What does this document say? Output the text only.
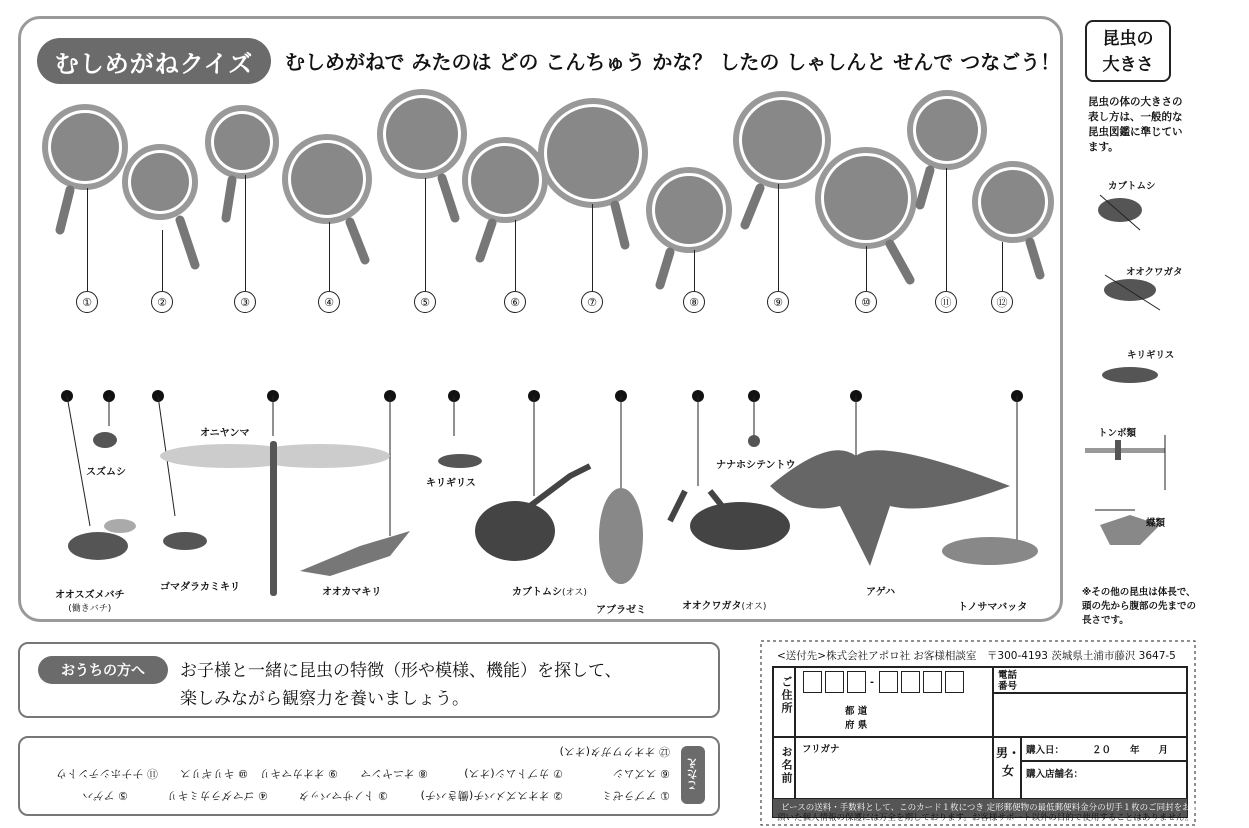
むしめがねクイズ	むしめがねで みたのは どの こんちゅう かな？ したの しゃしんと せんで つなごう！
①	②	③	④	⑤	⑥	⑦	⑧	⑨	⑩	⑪	⑫
スズムシ
オオスズメバチ
(働きバチ)
ゴマダラカミキリ
オニヤンマ
オオカマキリ
キリギリス
カブトムシ(オス)
アブラゼミ
ナナホシテントウ
オオクワガタ(オス)
アゲハ
トノサマバッタ
昆虫の
大きさ
昆虫の体の大きさの表し方は、一般的な昆虫図鑑に準じています。
カブトムシ
オオクワガタ
キリギリス
トンボ類
蝶類
※その他の昆虫は体長で、頭の先から腹部の先までの長さです。
おうちの方へ	お子様と一緒に昆虫の特徴（形や模様、機能）を探して、
楽しみながら観察力を養いましょう。
こたえ
① アブラゼミ
② オオスズメバチ(働きバチ)
③ トノサマバッタ
④ ゴマダラカミキリ
⑤ アゲハ
⑥ スズムシ
⑦ カブトムシ(オス)
⑧ オニヤンマ
⑨ オオカマキリ
⑩ キリギリス
⑪ ナナホシテントウ
⑫ オオクワガタ(オス)
<送付先>株式会社アポロ社 お客様相談室　〒300-4193 茨城県土浦市藤沢 3647-5
ご住所	-
都 道
府 県
電話番号
お名前 フリガナ	男・女
購入日：	２０　　年　　月
購入店舗名：
ピースの送料・手数料として、このカード１枚につき 定形郵便物の最低郵便料金分の切手１枚のご同封をお願い致します。
頂いた個人情報の保護には万全を期しております。お客様サポート以外の目的で使用することはありません。
